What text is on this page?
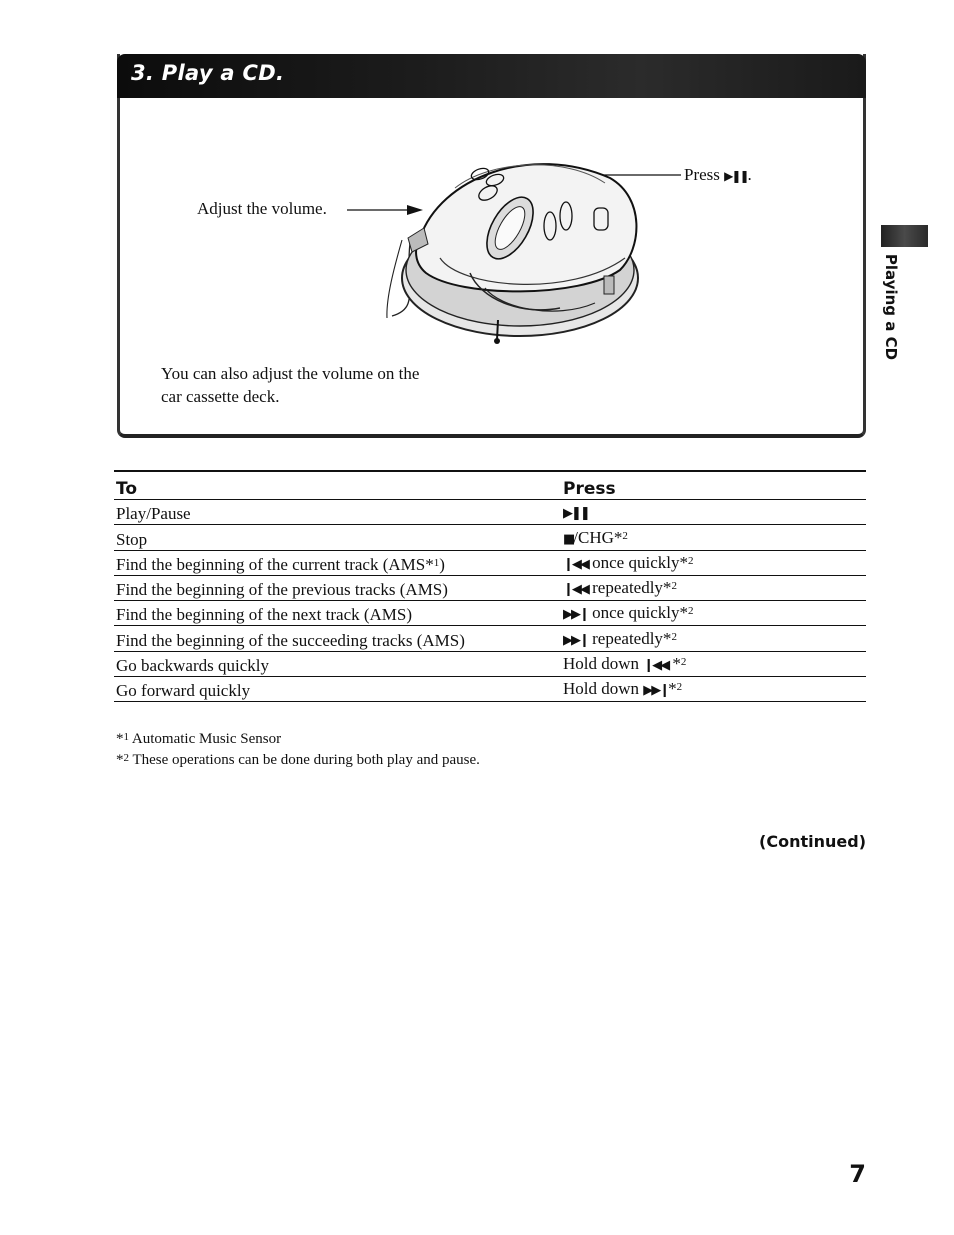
3. Play a CD.
Adjust the volume.
Press ▶❚❚.
You can also adjust the volume on the
car cassette deck.
Playing a CD
To	Press
Play/Pause	▶❚❚
Stop	■/CHG*$^2$
Find the beginning of the current track (AMS*$^1$)	❙◀◀ once quickly*$^2$
Find the beginning of the previous tracks (AMS)	❙◀◀ repeatedly*$^2$
Find the beginning of the next track (AMS)	▶▶❙ once quickly*$^2$
Find the beginning of the succeeding tracks (AMS)	▶▶❙ repeatedly*$^2$
Go backwards quickly	Hold down ❙◀◀ *$^2$
Go forward quickly	Hold down ▶▶❙*$^2$
*$^1$ Automatic Music Sensor
*$^2$ These operations can be done during both play and pause.
(Continued)
7
